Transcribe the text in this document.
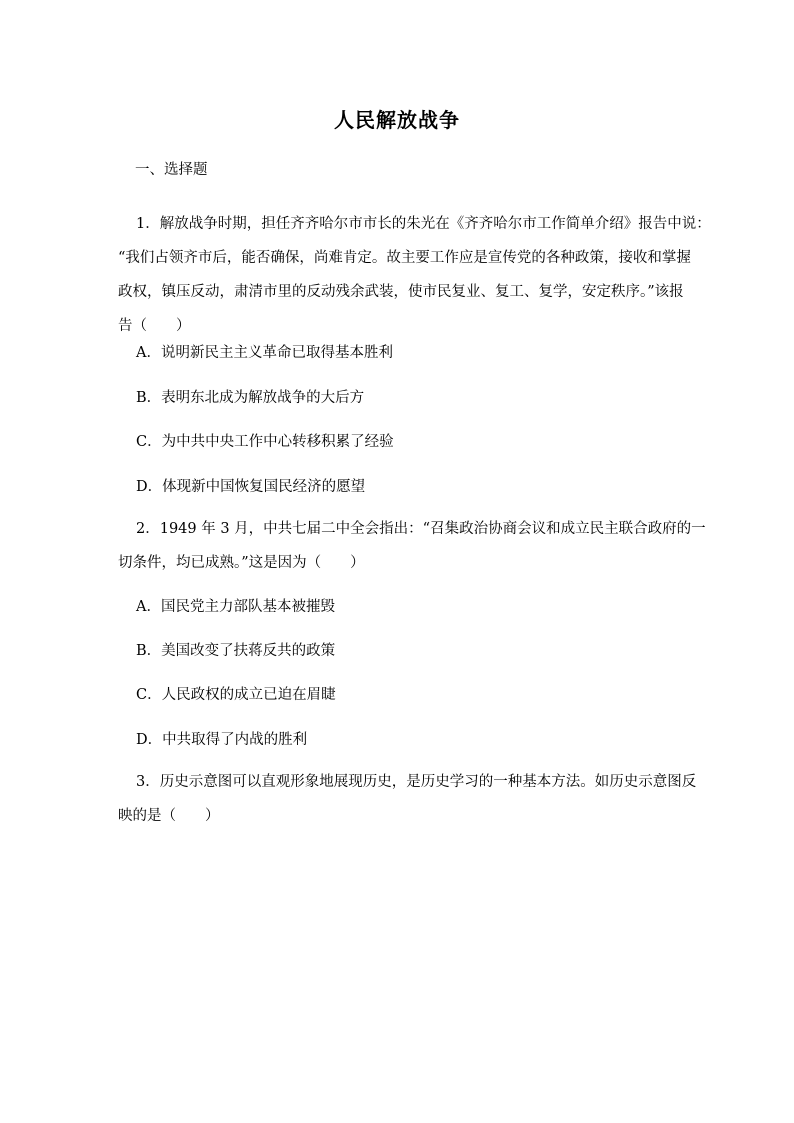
人民解放战争
一、选择题
1．解放战争时期，担任齐齐哈尔市市长的朱光在《齐齐哈尔市工作简单介绍》报告中说：
“我们占领齐市后，能否确保，尚难肯定。故主要工作应是宣传党的各种政策，接收和掌握
政权，镇压反动，肃清市里的反动残余武装，使市民复业、复工、复学，安定秩序。”该报
告（　　）
A．说明新民主主义革命已取得基本胜利
B．表明东北成为解放战争的大后方
C．为中共中央工作中心转移积累了经验
D．体现新中国恢复国民经济的愿望
2．1949 年 3 月，中共七届二中全会指出：“召集政治协商会议和成立民主联合政府的一
切条件，均已成熟。”这是因为（　　）
A．国民党主力部队基本被摧毁
B．美国改变了扶蒋反共的政策
C．人民政权的成立已迫在眉睫
D．中共取得了内战的胜利
3．历史示意图可以直观形象地展现历史，是历史学习的一种基本方法。如历史示意图反
映的是（　　）
